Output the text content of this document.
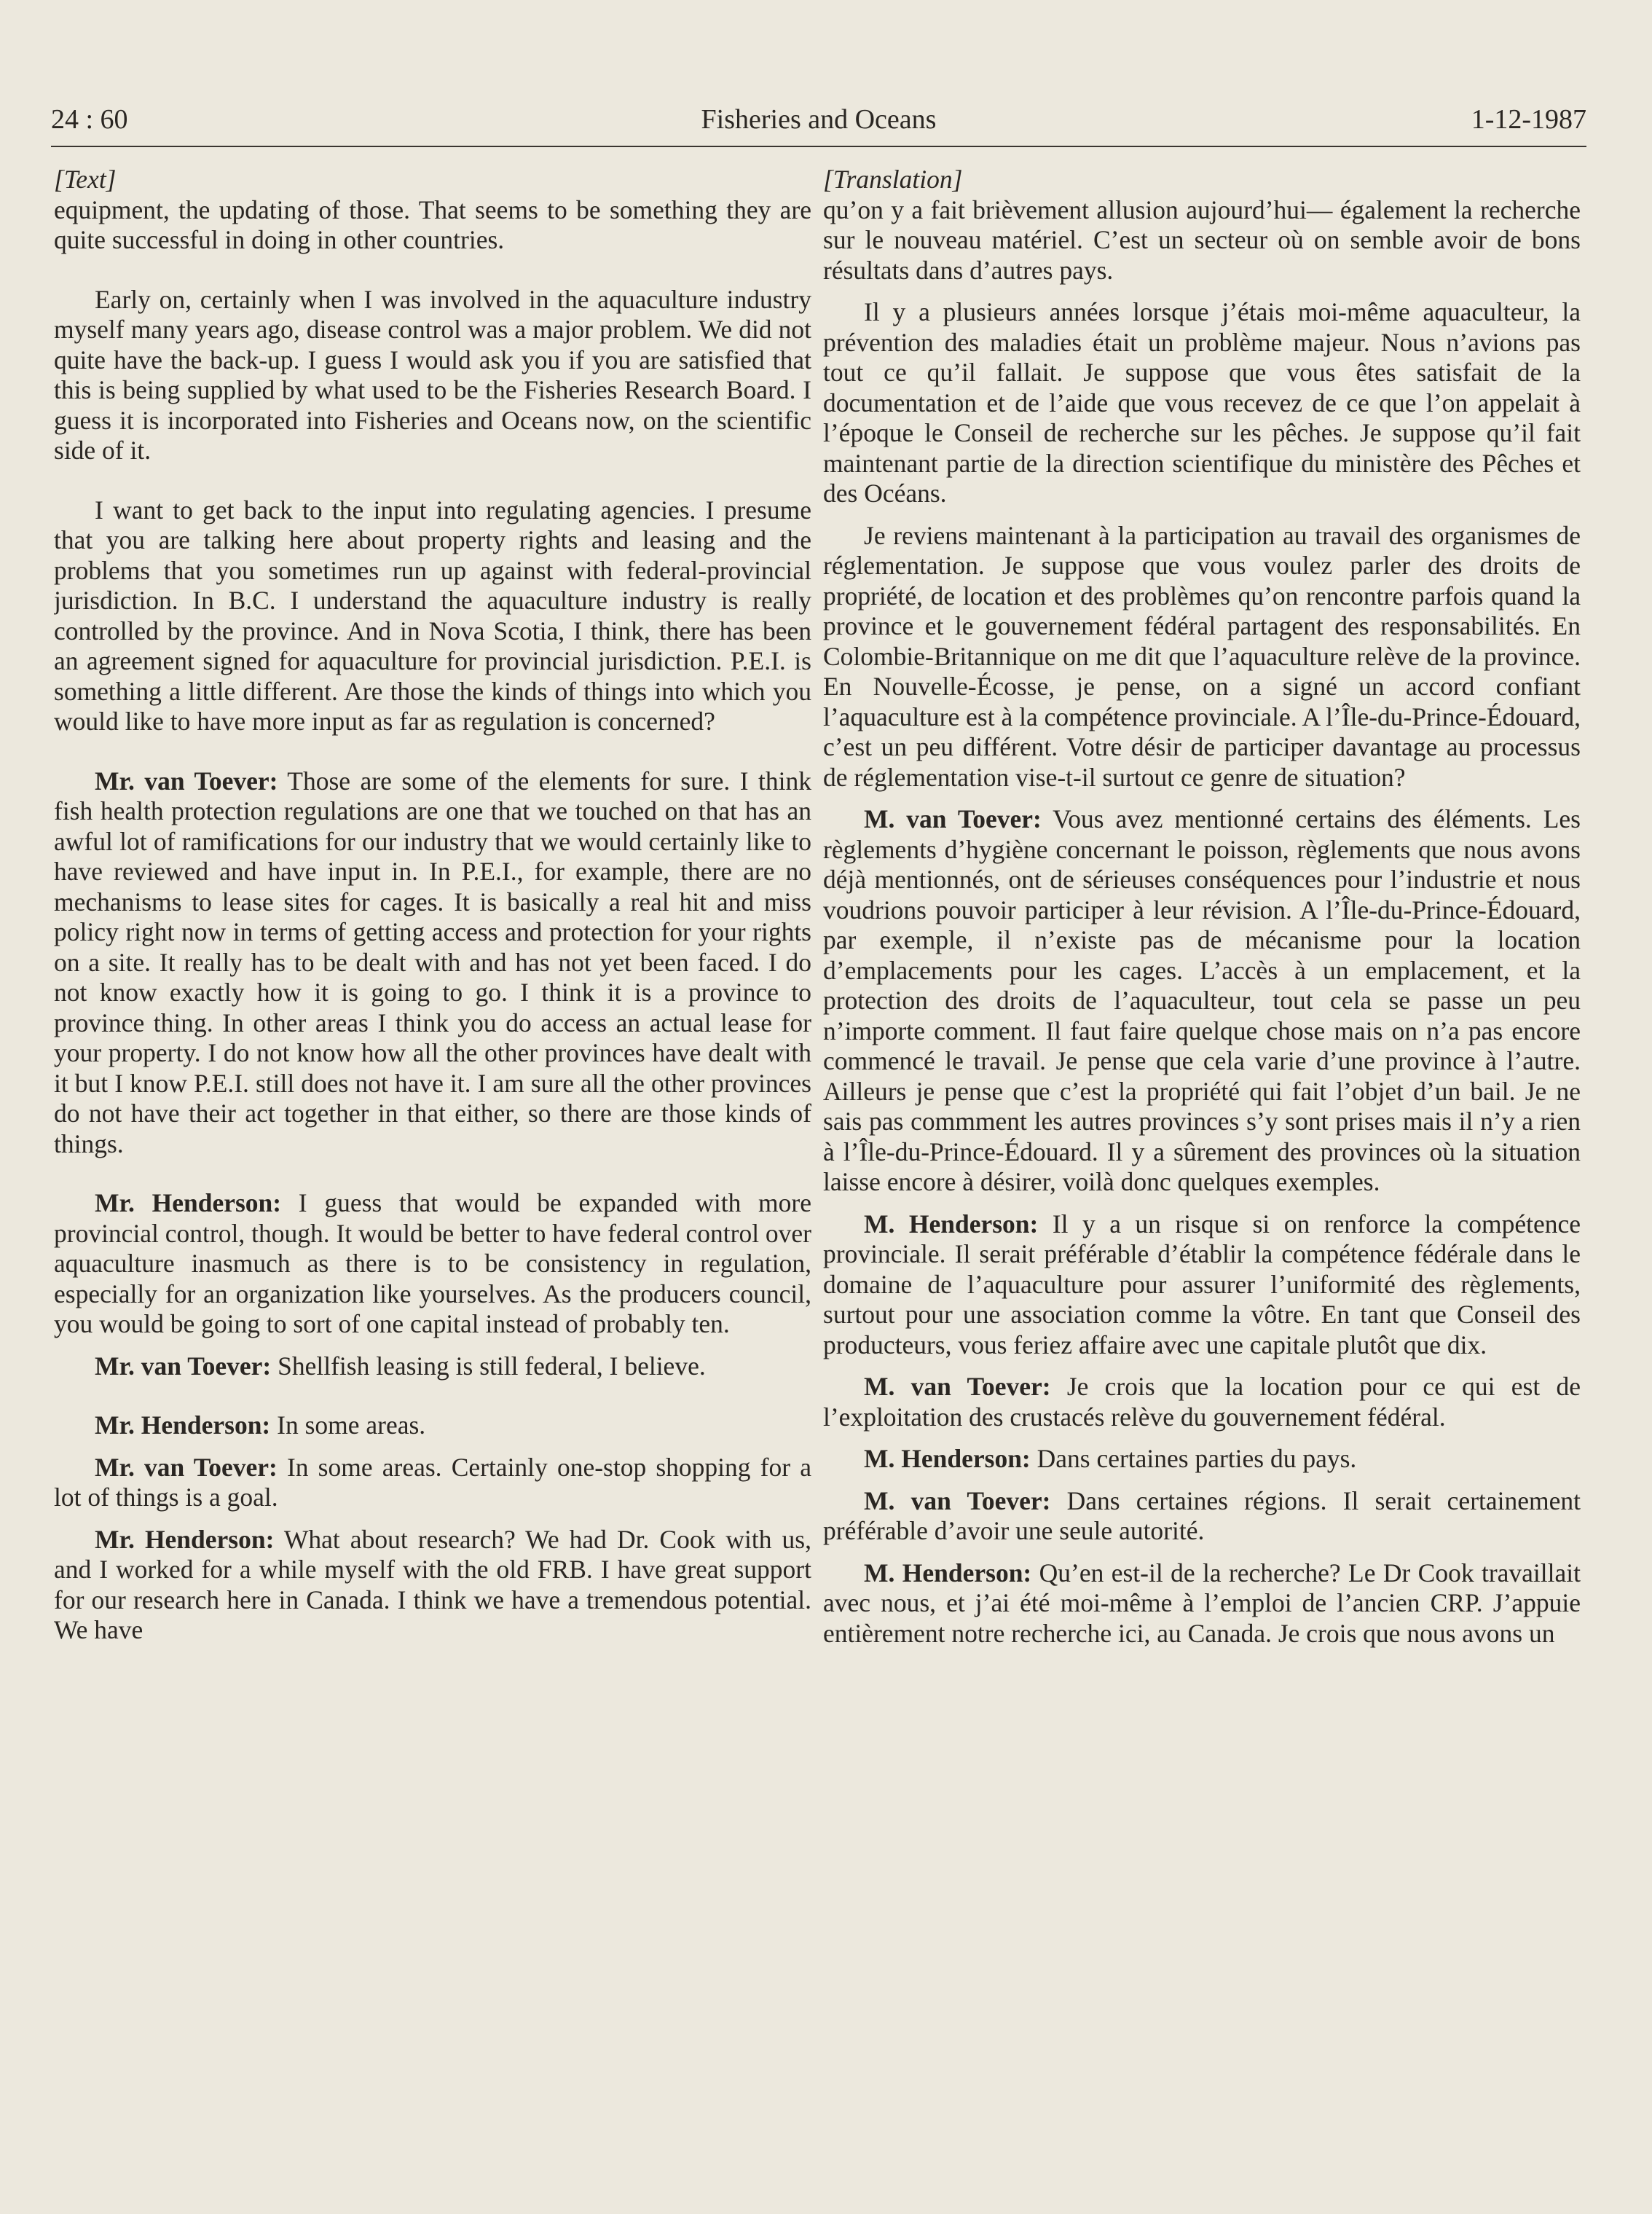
24 : 60	Fisheries and Oceans	1-12-1987

[Text]

equipment, the updating of those. That seems to be something they are quite successful in doing in other countries.

Early on, certainly when I was involved in the aquaculture industry myself many years ago, disease control was a major problem. We did not quite have the back-up. I guess I would ask you if you are satisfied that this is being supplied by what used to be the Fisheries Research Board. I guess it is incorporated into Fisheries and Oceans now, on the scientific side of it.

I want to get back to the input into regulating agencies. I presume that you are talking here about property rights and leasing and the problems that you sometimes run up against with federal-provincial jurisdiction. In B.C. I understand the aquaculture industry is really controlled by the province. And in Nova Scotia, I think, there has been an agreement signed for aquaculture for provincial jurisdiction. P.E.I. is something a little different. Are those the kinds of things into which you would like to have more input as far as regulation is concerned?

Mr. van Toever: Those are some of the elements for sure. I think fish health protection regulations are one that we touched on that has an awful lot of ramifications for our industry that we would certainly like to have reviewed and have input in. In P.E.I., for example, there are no mechanisms to lease sites for cages. It is basically a real hit and miss policy right now in terms of getting access and protection for your rights on a site. It really has to be dealt with and has not yet been faced. I do not know exactly how it is going to go. I think it is a province to province thing. In other areas I think you do access an actual lease for your property. I do not know how all the other provinces have dealt with it but I know P.E.I. still does not have it. I am sure all the other provinces do not have their act together in that either, so there are those kinds of things.

Mr. Henderson: I guess that would be expanded with more provincial control, though. It would be better to have federal control over aquaculture inasmuch as there is to be consistency in regulation, especially for an organization like yourselves. As the producers council, you would be going to sort of one capital instead of probably ten.

Mr. van Toever: Shellfish leasing is still federal, I believe.

Mr. Henderson: In some areas.

Mr. van Toever: In some areas. Certainly one-stop shopping for a lot of things is a goal.

Mr. Henderson: What about research? We had Dr. Cook with us, and I worked for a while myself with the old FRB. I have great support for our research here in Canada. I think we have a tremendous potential. We have

[Translation]

qu’on y a fait brièvement allusion aujourd’hui— également la recherche sur le nouveau matériel. C’est un secteur où on semble avoir de bons résultats dans d’autres pays.

Il y a plusieurs années lorsque j’étais moi-même aquaculteur, la prévention des maladies était un problème majeur. Nous n’avions pas tout ce qu’il fallait. Je suppose que vous êtes satisfait de la documentation et de l’aide que vous recevez de ce que l’on appelait à l’époque le Conseil de recherche sur les pêches. Je suppose qu’il fait maintenant partie de la direction scientifique du ministère des Pêches et des Océans.

Je reviens maintenant à la participation au travail des organismes de réglementation. Je suppose que vous voulez parler des droits de propriété, de location et des problèmes qu’on rencontre parfois quand la province et le gouvernement fédéral partagent des responsabilités. En Colombie-Britannique on me dit que l’aquaculture relève de la province. En Nouvelle-Écosse, je pense, on a signé un accord confiant l’aquaculture est à la compétence provinciale. A l’Île-du-Prince-Édouard, c’est un peu différent. Votre désir de participer davantage au processus de réglementation vise-t-il surtout ce genre de situation?

M. van Toever: Vous avez mentionné certains des éléments. Les règlements d’hygiène concernant le poisson, règlements que nous avons déjà mentionnés, ont de sérieuses conséquences pour l’industrie et nous voudrions pouvoir participer à leur révision. A l’Île-du-Prince-Édouard, par exemple, il n’existe pas de mécanisme pour la location d’emplacements pour les cages. L’accès à un emplacement, et la protection des droits de l’aquaculteur, tout cela se passe un peu n’importe comment. Il faut faire quelque chose mais on n’a pas encore commencé le travail. Je pense que cela varie d’une province à l’autre. Ailleurs je pense que c’est la propriété qui fait l’objet d’un bail. Je ne sais pas commment les autres provinces s’y sont prises mais il n’y a rien à l’Île-du-Prince-Édouard. Il y a sûrement des provinces où la situation laisse encore à désirer, voilà donc quelques exemples.

M. Henderson: Il y a un risque si on renforce la compétence provinciale. Il serait préférable d’établir la compétence fédérale dans le domaine de l’aquaculture pour assurer l’uniformité des règlements, surtout pour une association comme la vôtre. En tant que Conseil des producteurs, vous feriez affaire avec une capitale plutôt que dix.

M. van Toever: Je crois que la location pour ce qui est de l’exploitation des crustacés relève du gouvernement fédéral.

M. Henderson: Dans certaines parties du pays.

M. van Toever: Dans certaines régions. Il serait certainement préférable d’avoir une seule autorité.

M. Henderson: Qu’en est-il de la recherche? Le Dr Cook travaillait avec nous, et j’ai été moi-même à l’emploi de l’ancien CRP. J’appuie entièrement notre recherche ici, au Canada. Je crois que nous avons un
